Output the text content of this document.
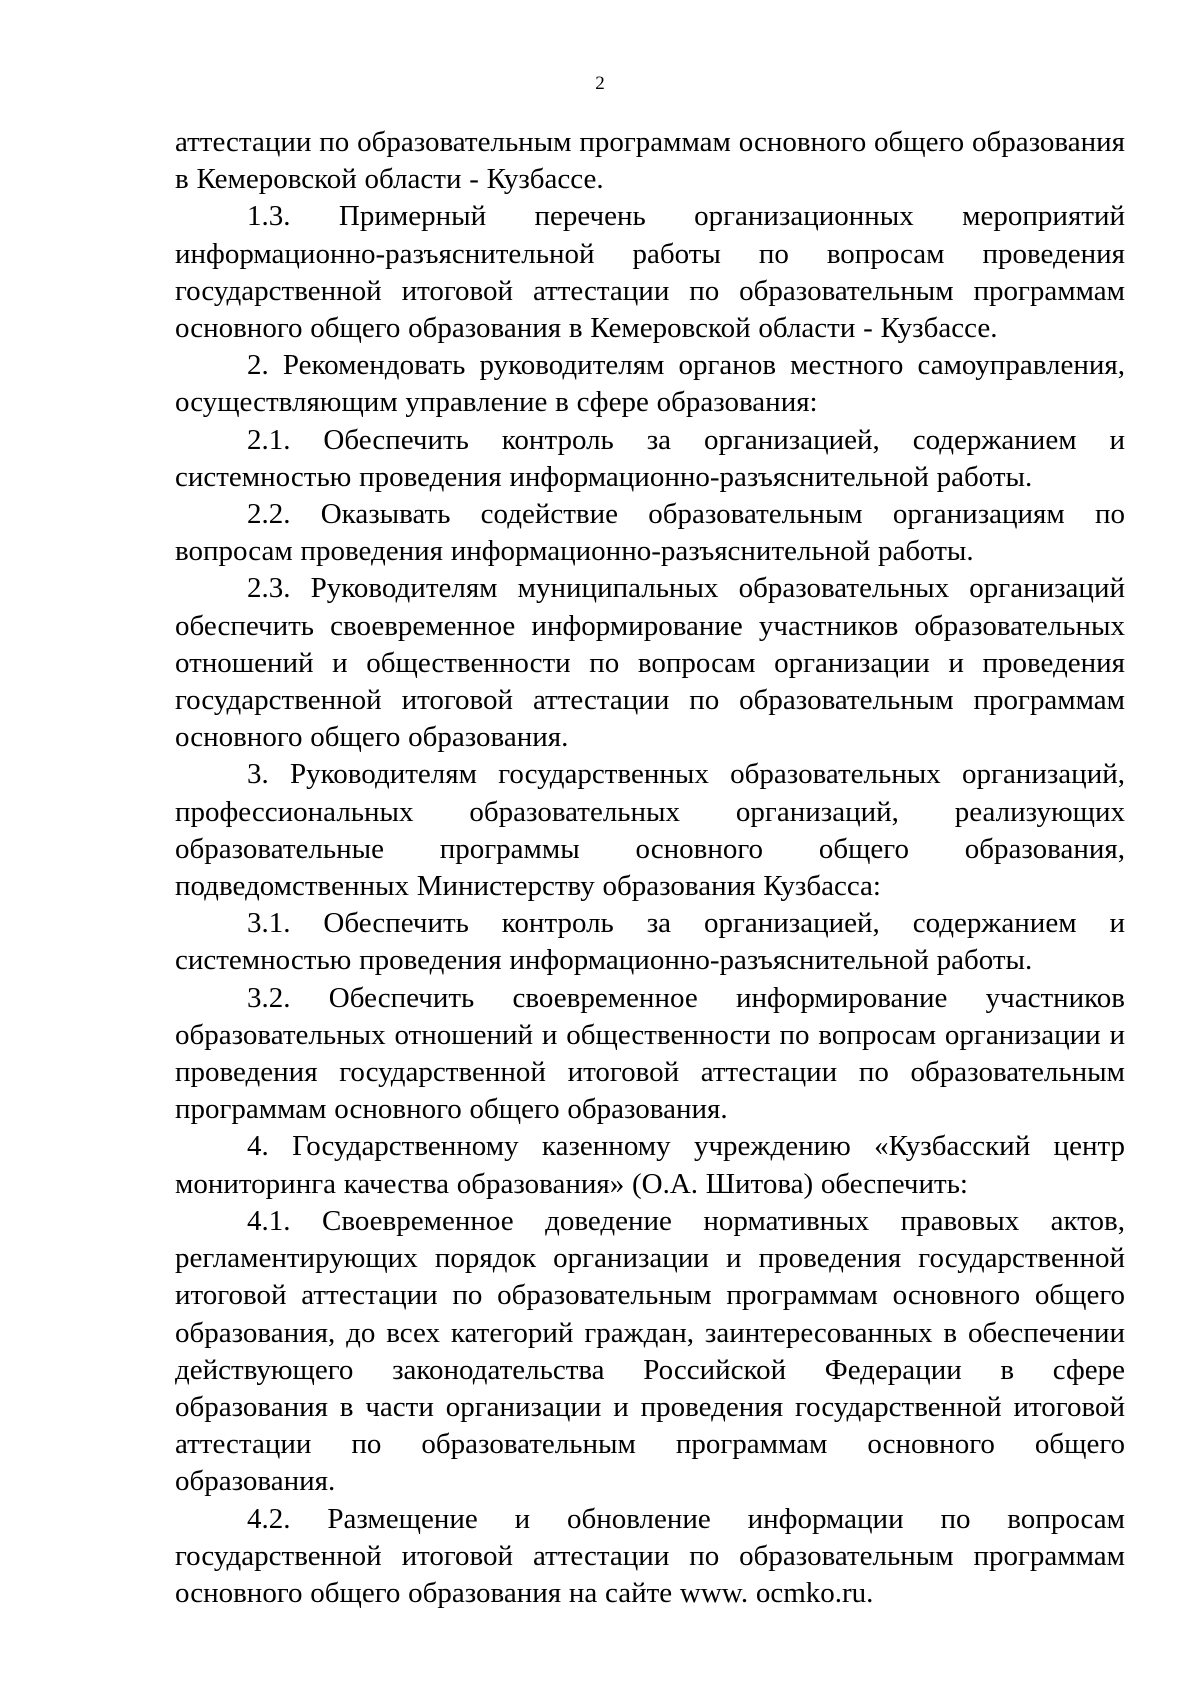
2

аттестации по образовательным программам основного общего образования в Кемеровской области - Кузбассе.

1.3. Примерный перечень организационных мероприятий информационно-разъяснительной работы по вопросам проведения государственной итоговой аттестации по образовательным программам основного общего образования в Кемеровской области - Кузбассе.

2. Рекомендовать руководителям органов местного самоуправления, осуществляющим управление в сфере образования:

2.1. Обеспечить контроль за организацией, содержанием и системностью проведения информационно-разъяснительной работы.

2.2. Оказывать содействие образовательным организациям по вопросам проведения информационно-разъяснительной работы.

2.3. Руководителям муниципальных образовательных организаций обеспечить своевременное информирование участников образовательных отношений и общественности по вопросам организации и проведения государственной итоговой аттестации по образовательным программам основного общего образования.

3. Руководителям государственных образовательных организаций, профессиональных образовательных организаций, реализующих образовательные программы основного общего образования, подведомственных Министерству образования Кузбасса:

3.1. Обеспечить контроль за организацией, содержанием и системностью проведения информационно-разъяснительной работы.

3.2. Обеспечить своевременное информирование участников образовательных отношений и общественности по вопросам организации и проведения государственной итоговой аттестации по образовательным программам основного общего образования.

4. Государственному казенному учреждению «Кузбасский центр мониторинга качества образования» (О.А. Шитова) обеспечить:

4.1. Своевременное доведение нормативных правовых актов, регламентирующих порядок организации и проведения государственной итоговой аттестации по образовательным программам основного общего образования, до всех категорий граждан, заинтересованных в обеспечении действующего законодательства Российской Федерации в сфере образования в части организации и проведения государственной итоговой аттестации по образовательным программам основного общего образования.

4.2. Размещение и обновление информации по вопросам государственной итоговой аттестации по образовательным программам основного общего образования на сайте www. ocmko.ru.
